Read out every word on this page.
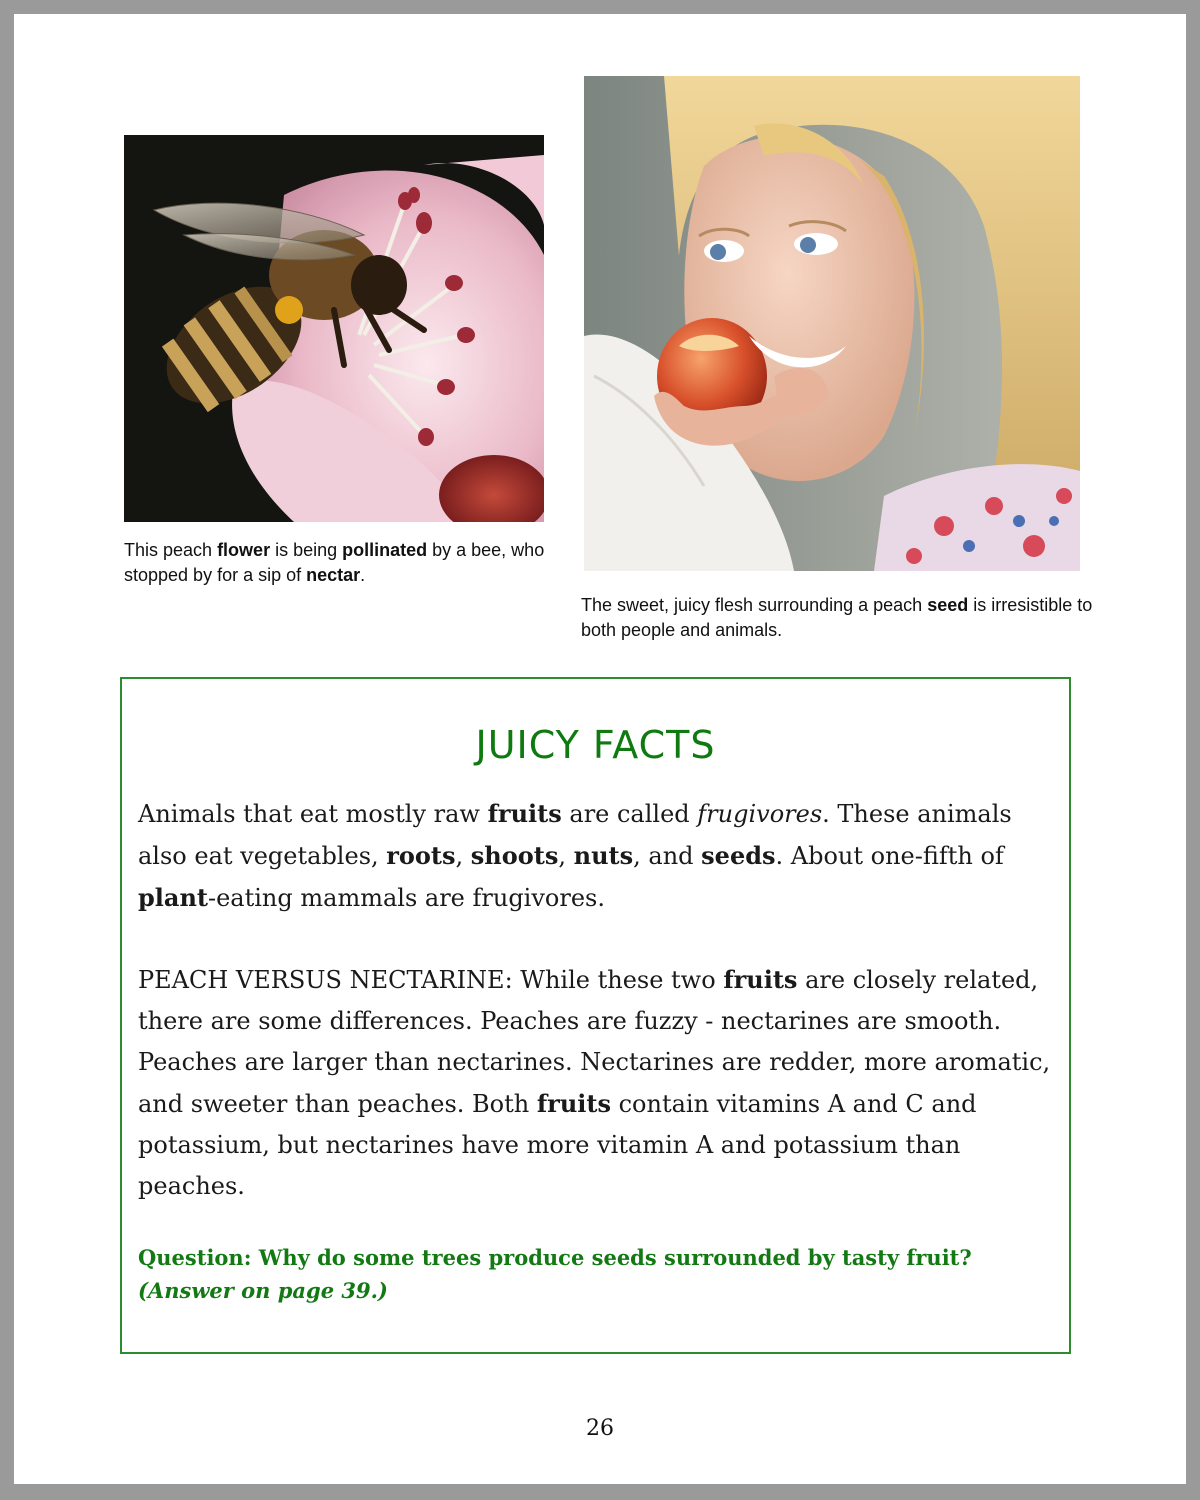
This peach flower is being pollinated by a bee, who stopped by for a sip of nectar.
The sweet, juicy flesh surrounding a peach seed is irresistible to both people and animals.
JUICY FACTS

Animals that eat mostly raw fruits are called frugivores. These animals also eat vegetables, roots, shoots, nuts, and seeds. About one-fifth of plant-eating mammals are frugivores.

PEACH VERSUS NECTARINE: While these two fruits are closely related, there are some differences. Peaches are fuzzy - nectarines are smooth. Peaches are larger than nectarines. Nectarines are redder, more aromatic, and sweeter than peaches. Both fruits contain vitamins A and C and potassium, but nectarines have more vitamin A and potassium than peaches.

Question: Why do some trees produce seeds surrounded by tasty fruit?
(Answer on page 39.)
26
